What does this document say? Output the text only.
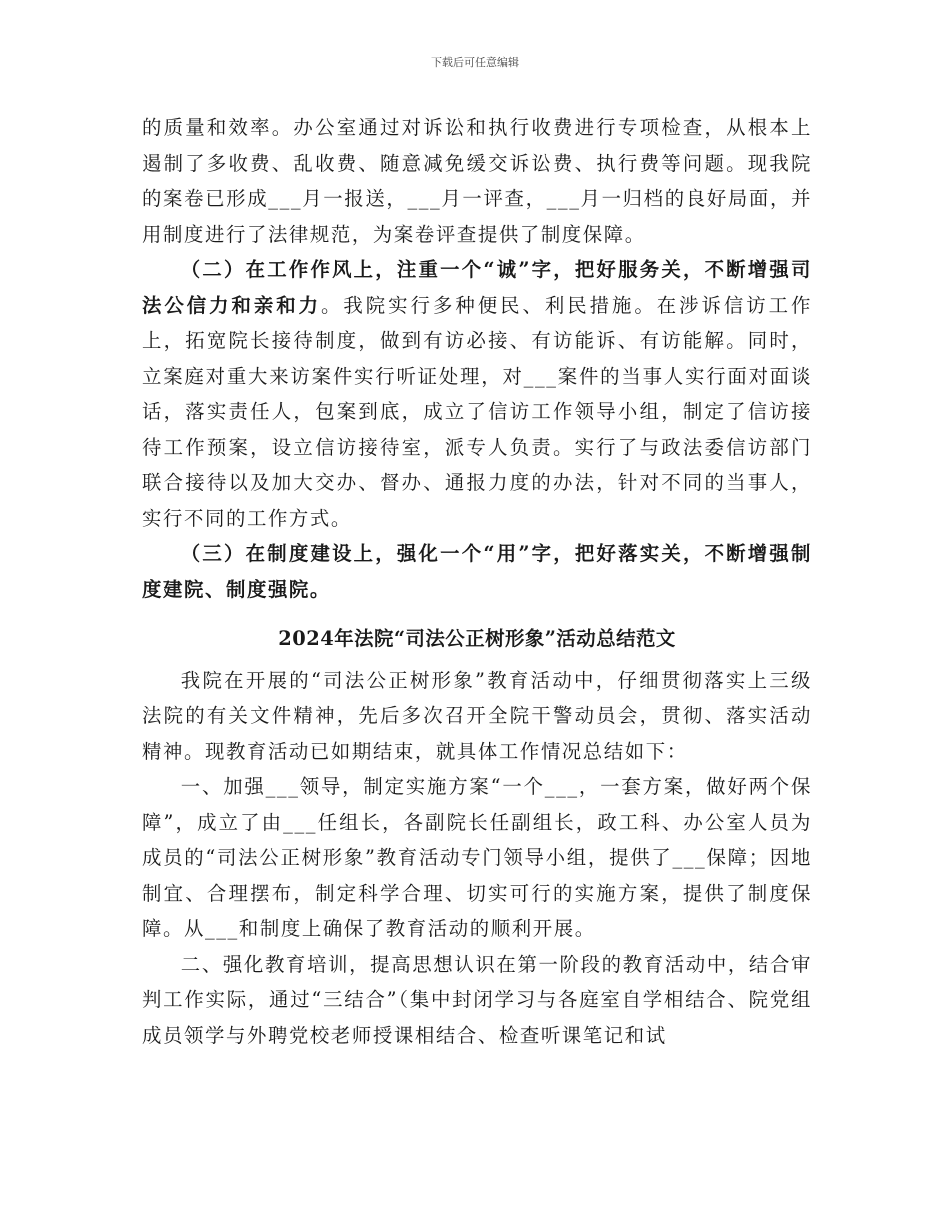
下载后可任意编辑

的质量和效率。办公室通过对诉讼和执行收费进行专项检查，从根本上遏制了多收费、乱收费、随意减免缓交诉讼费、执行费等问题。现我院的案卷已形成___月一报送，___月一评查，___月一归档的良好局面，并用制度进行了法律规范，为案卷评查提供了制度保障。

（二）在工作作风上，注重一个“诚”字，把好服务关，不断增强司法公信力和亲和力。我院实行多种便民、利民措施。在涉诉信访工作上，拓宽院长接待制度，做到有访必接、有访能诉、有访能解。同时，立案庭对重大来访案件实行听证处理，对___案件的当事人实行面对面谈话，落实责任人，包案到底，成立了信访工作领导小组，制定了信访接待工作预案，设立信访接待室，派专人负责。实行了与政法委信访部门联合接待以及加大交办、督办、通报力度的办法，针对不同的当事人，实行不同的工作方式。

（三）在制度建设上，强化一个“用”字，把好落实关，不断增强制度建院、制度强院。

2024年法院“司法公正树形象”活动总结范文

我院在开展的“司法公正树形象”教育活动中，仔细贯彻落实上三级法院的有关文件精神，先后多次召开全院干警动员会，贯彻、落实活动精神。现教育活动已如期结束，就具体工作情况总结如下：

一、加强___领导，制定实施方案“一个___，一套方案，做好两个保障”，成立了由___任组长，各副院长任副组长，政工科、办公室人员为成员的“司法公正树形象”教育活动专门领导小组，提供了___保障；因地制宜、合理摆布，制定科学合理、切实可行的实施方案，提供了制度保障。从___和制度上确保了教育活动的顺利开展。

二、强化教育培训，提高思想认识在第一阶段的教育活动中，结合审判工作实际，通过“三结合”（集中封闭学习与各庭室自学相结合、院党组成员领学与外聘党校老师授课相结合、检查听课笔记和试
